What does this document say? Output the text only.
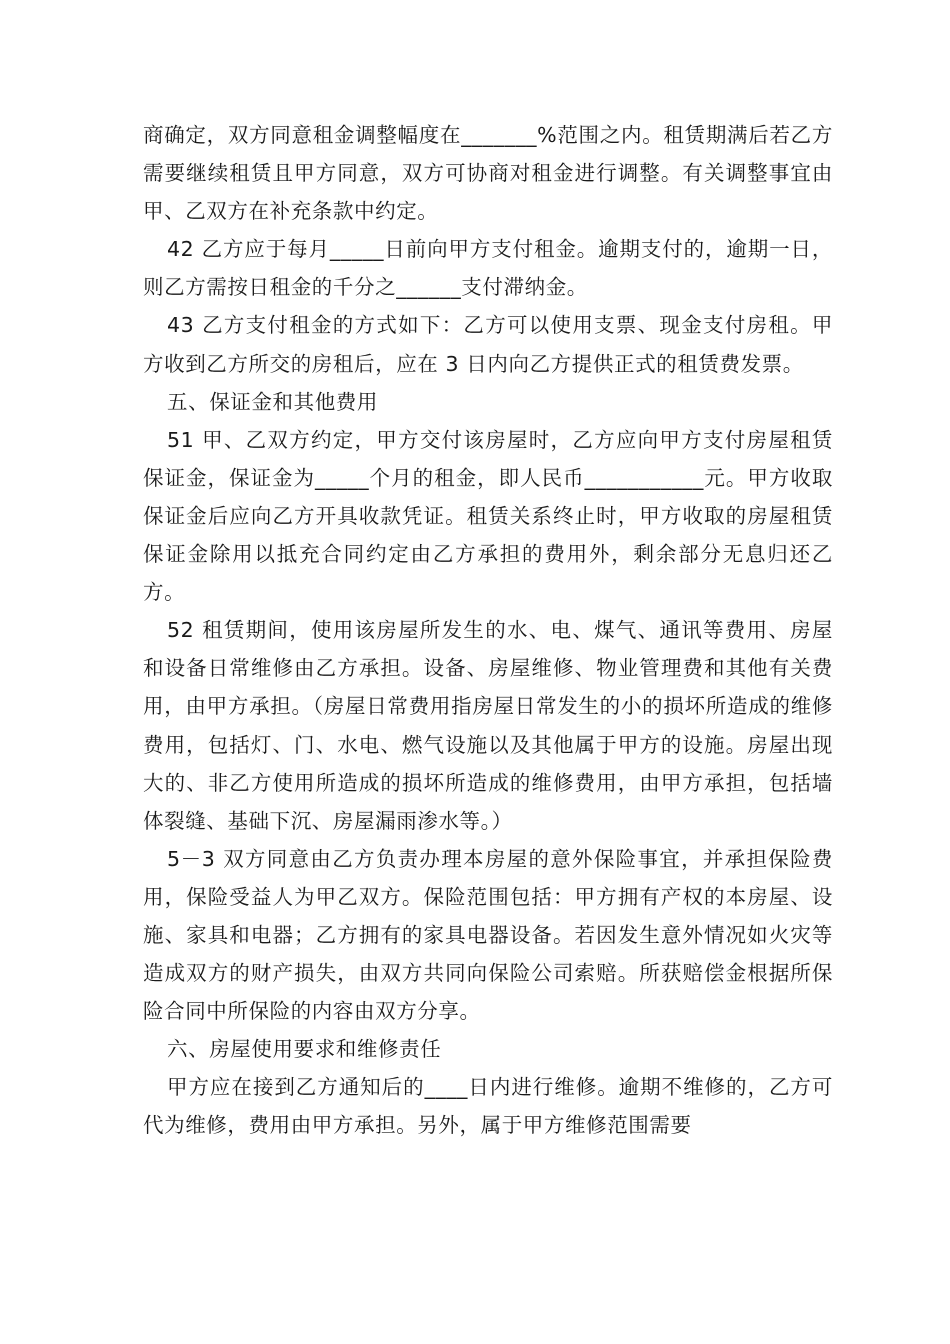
商确定，双方同意租金调整幅度在_______%范围之内。租赁期满后若乙方需要继续租赁且甲方同意，双方可协商对租金进行调整。有关调整事宜由甲、乙双方在补充条款中约定。

42 乙方应于每月_____日前向甲方支付租金。逾期支付的，逾期一日，则乙方需按日租金的千分之______支付滞纳金。

43 乙方支付租金的方式如下：乙方可以使用支票、现金支付房租。甲方收到乙方所交的房租后，应在 3 日内向乙方提供正式的租赁费发票。

五、保证金和其他费用

51 甲、乙双方约定，甲方交付该房屋时，乙方应向甲方支付房屋租赁保证金，保证金为_____个月的租金，即人民币___________元。甲方收取保证金后应向乙方开具收款凭证。租赁关系终止时，甲方收取的房屋租赁保证金除用以抵充合同约定由乙方承担的费用外，剩余部分无息归还乙方。

52 租赁期间，使用该房屋所发生的水、电、煤气、通讯等费用、房屋和设备日常维修由乙方承担。设备、房屋维修、物业管理费和其他有关费用，由甲方承担。（房屋日常费用指房屋日常发生的小的损坏所造成的维修费用，包括灯、门、水电、燃气设施以及其他属于甲方的设施。房屋出现大的、非乙方使用所造成的损坏所造成的维修费用，由甲方承担，包括墙体裂缝、基础下沉、房屋漏雨渗水等。）

5－3 双方同意由乙方负责办理本房屋的意外保险事宜，并承担保险费用，保险受益人为甲乙双方。保险范围包括：甲方拥有产权的本房屋、设施、家具和电器；乙方拥有的家具电器设备。若因发生意外情况如火灾等造成双方的财产损失，由双方共同向保险公司索赔。所获赔偿金根据所保险合同中所保险的内容由双方分享。

六、房屋使用要求和维修责任

甲方应在接到乙方通知后的____日内进行维修。逾期不维修的，乙方可代为维修，费用由甲方承担。另外，属于甲方维修范围需要
